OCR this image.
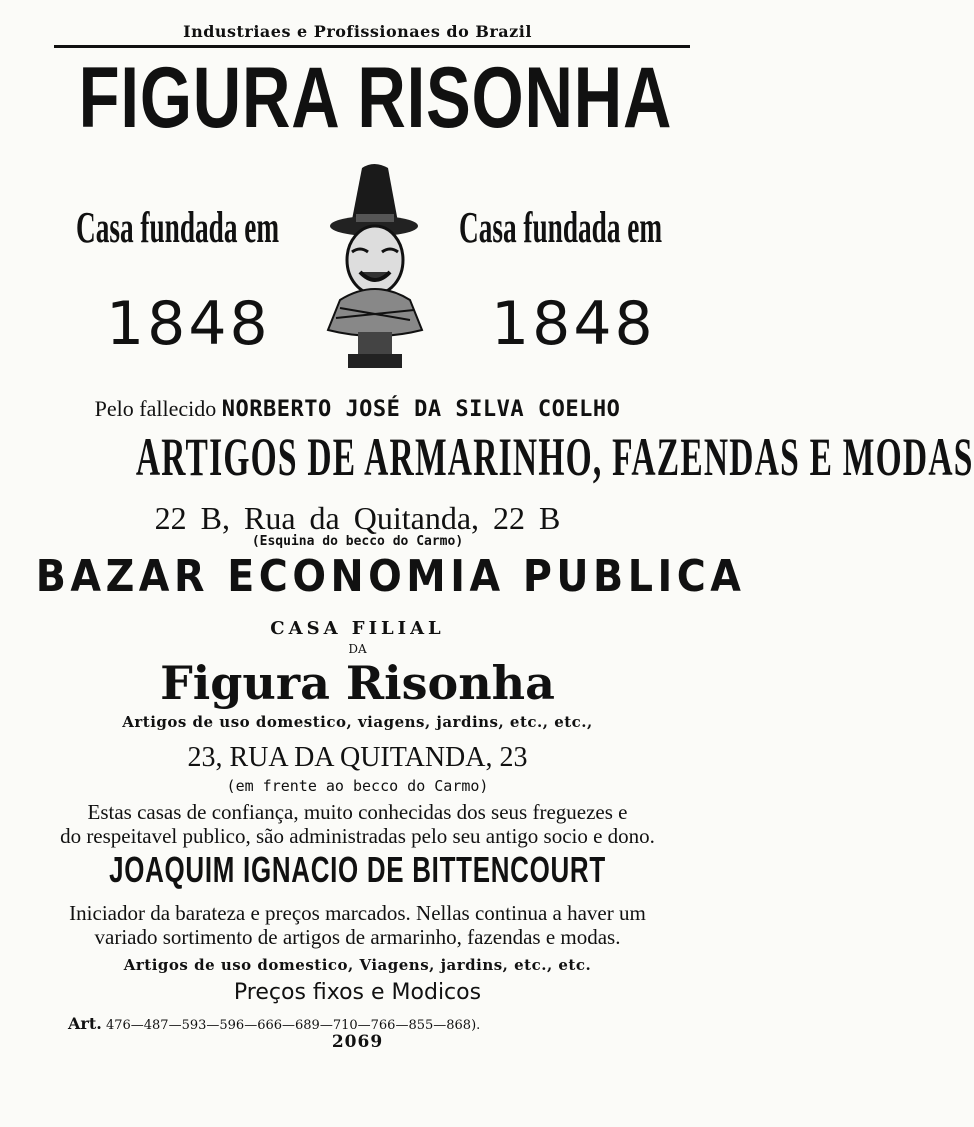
Industriaes e Profissionaes do Brazil
FIGURA RISONHA
Casa fundada em	Casa fundada em
1848	1848
Pelo fallecido NORBERTO JOSÉ DA SILVA COELHO
ARTIGOS DE ARMARINHO, FAZENDAS E MODAS
22 B, Rua da Quitanda, 22 B
(Esquina do becco do Carmo)
BAZAR ECONOMIA PUBLICA
CASA FILIAL
DA
Figura Risonha
Artigos de uso domestico, viagens, jardins, etc., etc.,
23, RUA DA QUITANDA, 23
(em frente ao becco do Carmo)
Estas casas de confiança, muito conhecidas dos seus freguezes e
do respeitavel publico, são administradas pelo seu antigo socio e dono.
JOAQUIM IGNACIO DE BITTENCOURT
Iniciador da barateza e preços marcados. Nellas continua a haver um
variado sortimento de artigos de armarinho, fazendas e modas.
Artigos de uso domestico, Viagens, jardins, etc., etc.
Preços fixos e Modicos
Art. 476—487—593—596—666—689—710—766—855—868).
2069
